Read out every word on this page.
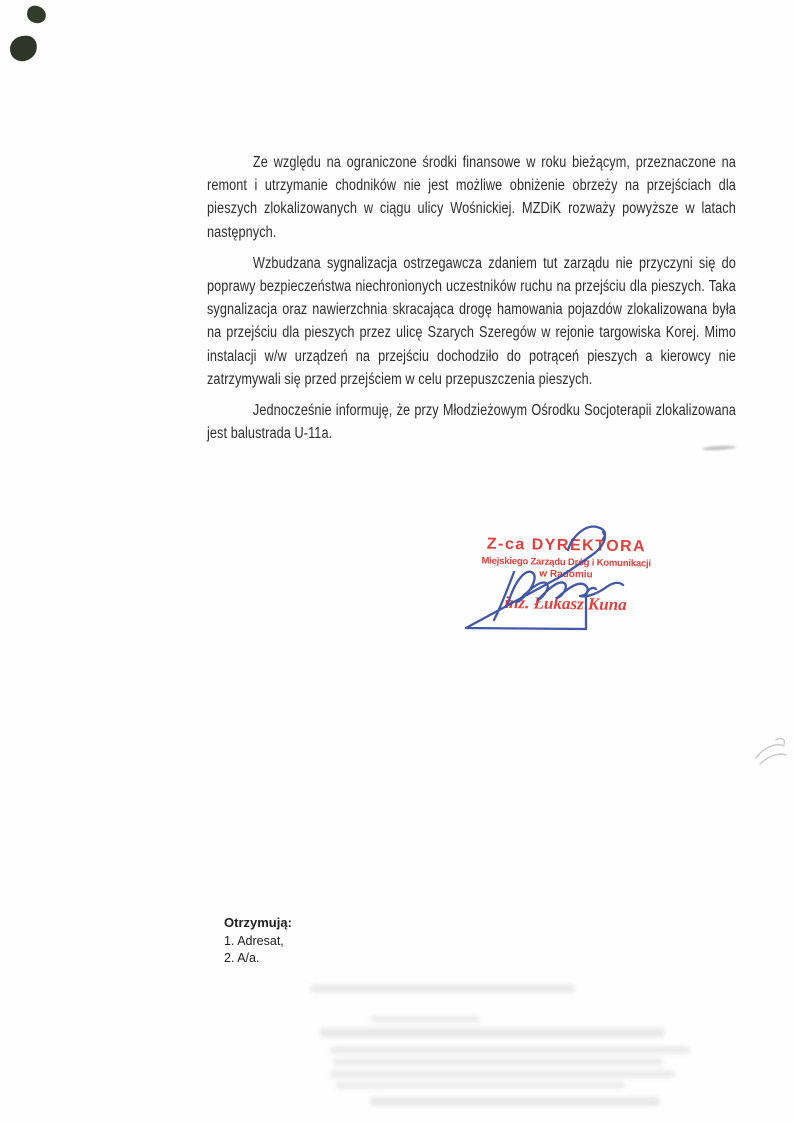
Ze względu na ograniczone środki finansowe w roku bieżącym, przeznaczone na remont i utrzymanie chodników nie jest możliwe obniżenie obrzeży na przejściach dla pieszych zlokalizowanych w ciągu ulicy Wośnickiej. MZDiK rozważy powyższe w latach następnych.

Wzbudzana sygnalizacja ostrzegawcza zdaniem tut zarządu nie przyczyni się do poprawy bezpieczeństwa niechronionych uczestników ruchu na przejściu dla pieszych. Taka sygnalizacja oraz nawierzchnia skracająca drogę hamowania pojazdów zlokalizowana była na przejściu dla pieszych przez ulicę Szarych Szeregów w rejonie targowiska Korej. Mimo instalacji w/w urządzeń na przejściu dochodziło do potrąceń pieszych a kierowcy nie zatrzymywali się przed przejściem w celu przepuszczenia pieszych.

Jednocześnie informuję, że przy Młodzieżowym Ośrodku Socjoterapii zlokalizowana jest balustrada U-11a.

Z-ca DYREKTORA
Miejskiego Zarządu Dróg i Komunikacji
w Radomiu
inż. Łukasz Kuna

Otrzymują:

1. Adresat,

2. A/a.
